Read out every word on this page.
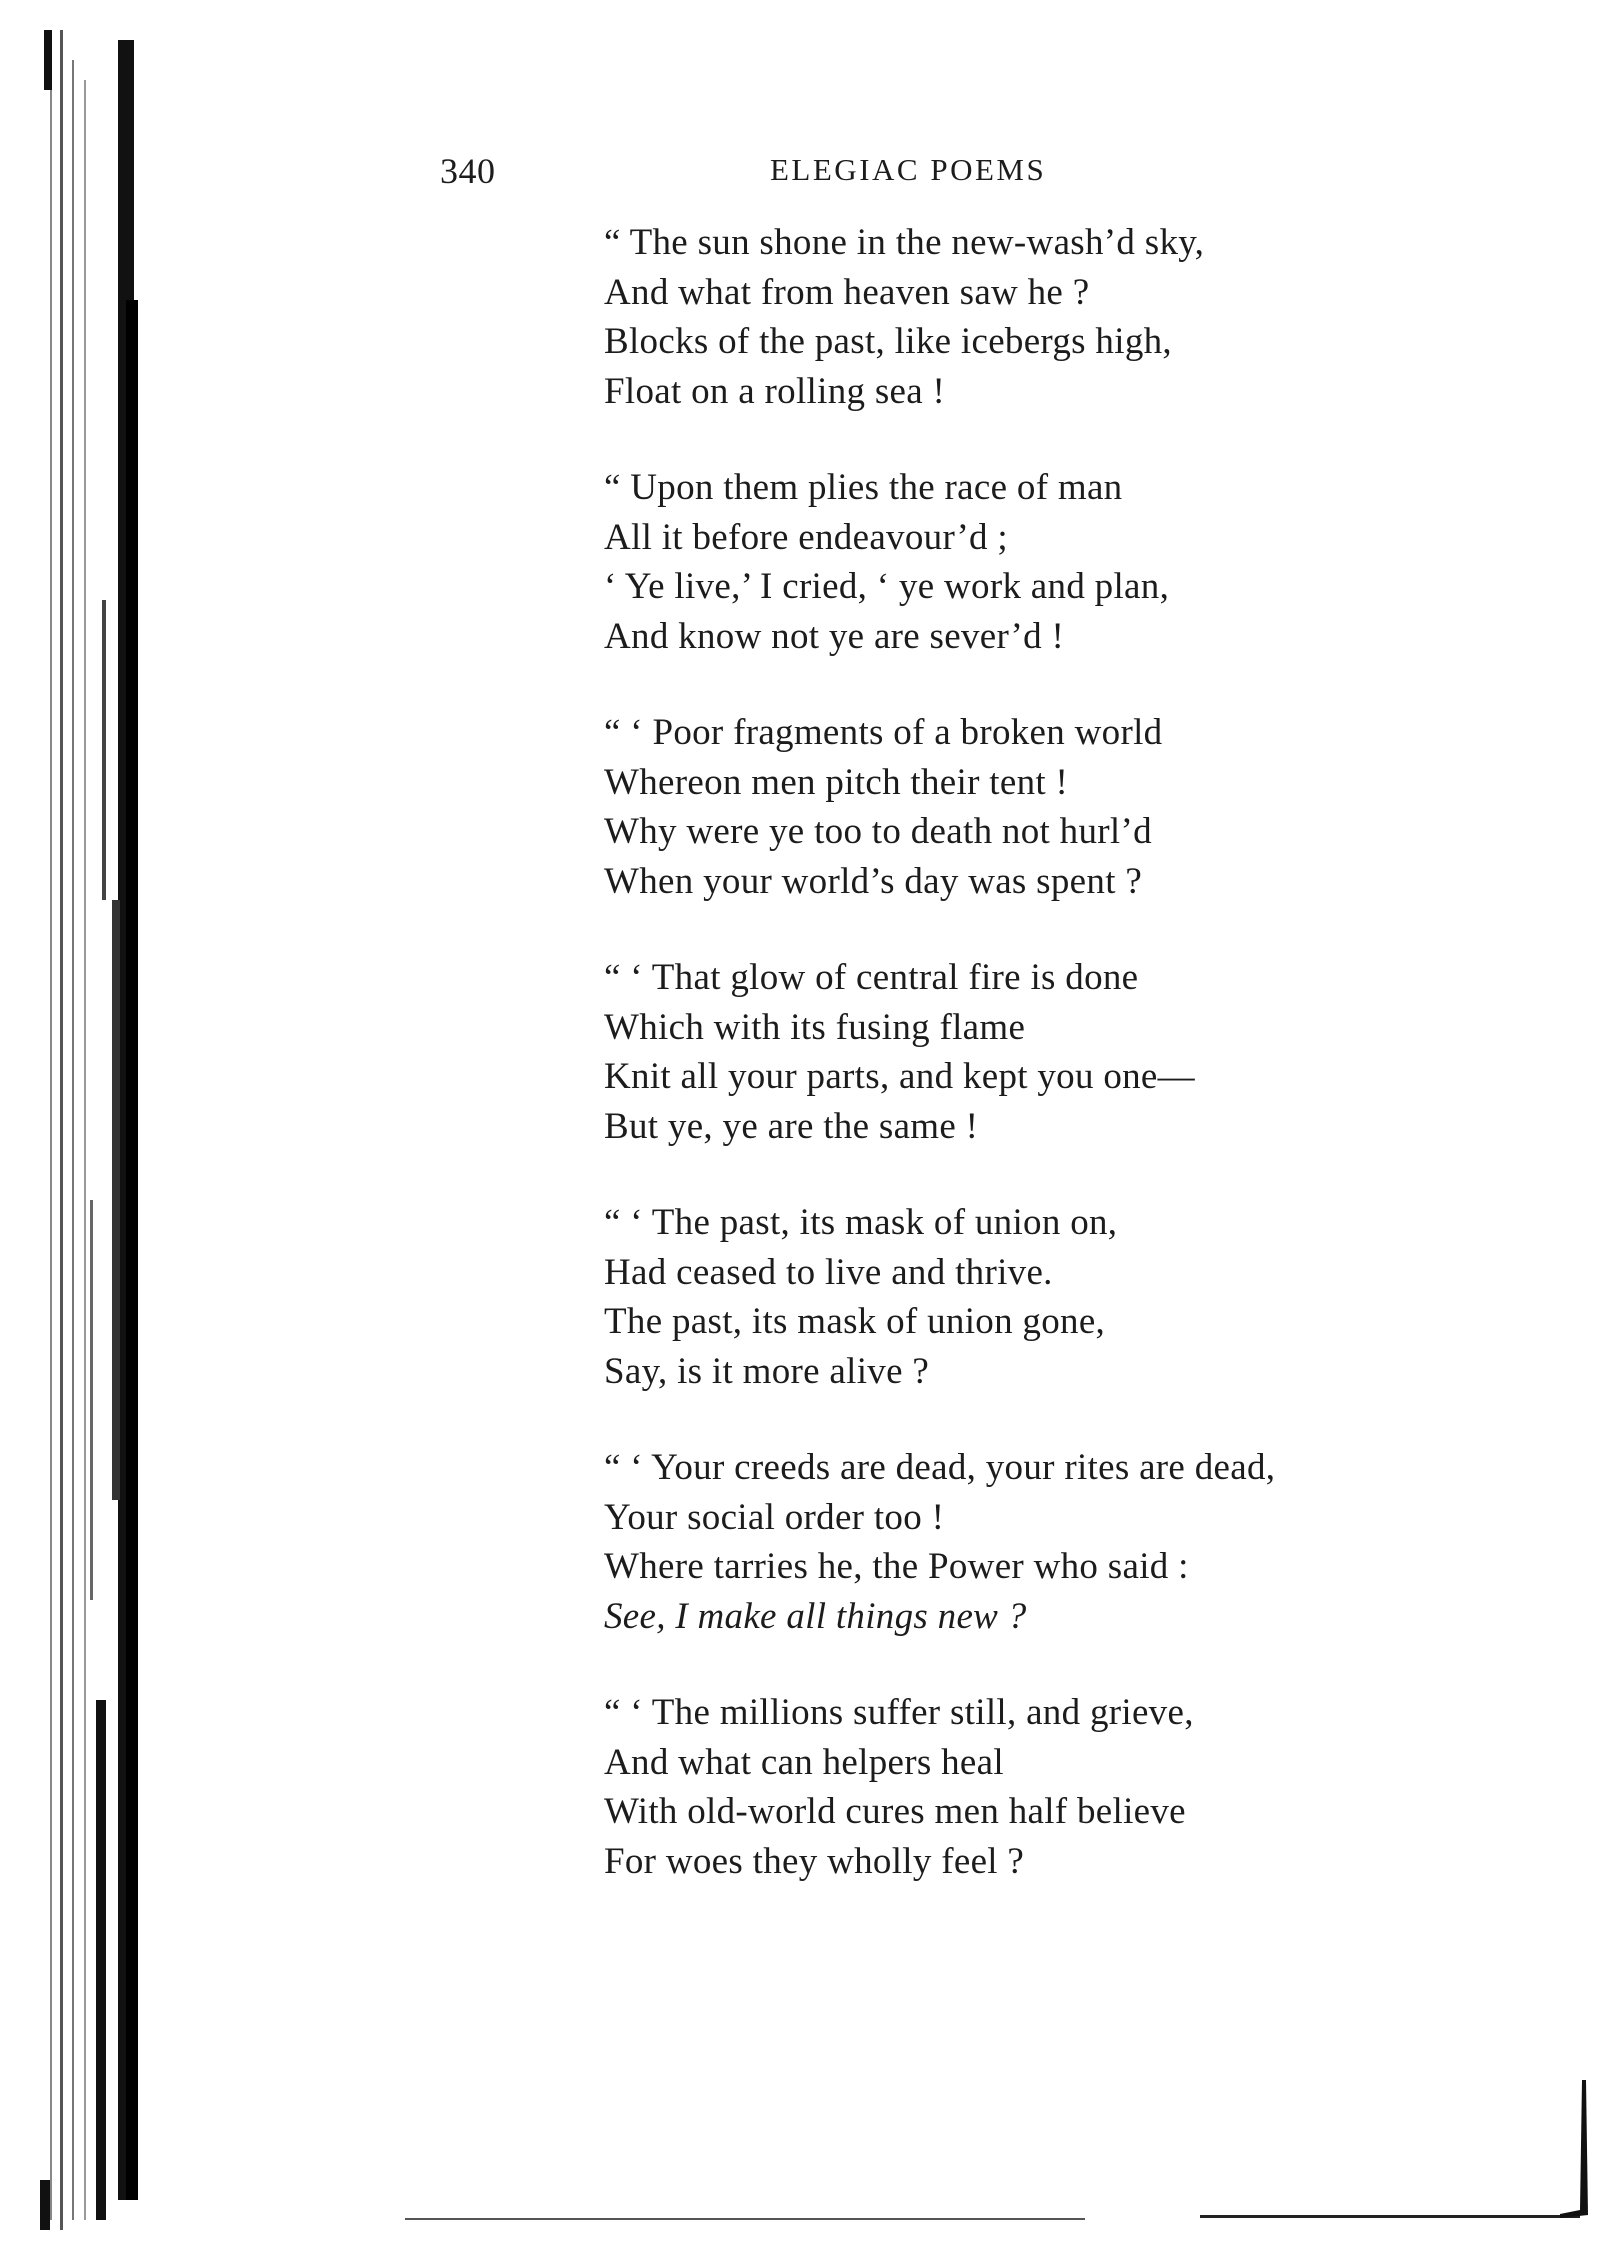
340	ELEGIAC POEMS
“ The sun shone in the new-wash’d sky,
And what from heaven saw he ?
Blocks of the past, like icebergs high,
Float on a rolling sea !
“ Upon them plies the race of man
All it before endeavour’d ;
‘ Ye live,’ I cried, ‘ ye work and plan,
And know not ye are sever’d !
“ ‘ Poor fragments of a broken world
Whereon men pitch their tent !
Why were ye too to death not hurl’d
When your world’s day was spent ?
“ ‘ That glow of central fire is done
Which with its fusing flame
Knit all your parts, and kept you one—
But ye, ye are the same !
“ ‘ The past, its mask of union on,
Had ceased to live and thrive.
The past, its mask of union gone,
Say, is it more alive ?
“ ‘ Your creeds are dead, your rites are dead,
Your social order too !
Where tarries he, the Power who said :
See, I make all things new ?
“ ‘ The millions suffer still, and grieve,
And what can helpers heal
With old-world cures men half believe
For woes they wholly feel ?
